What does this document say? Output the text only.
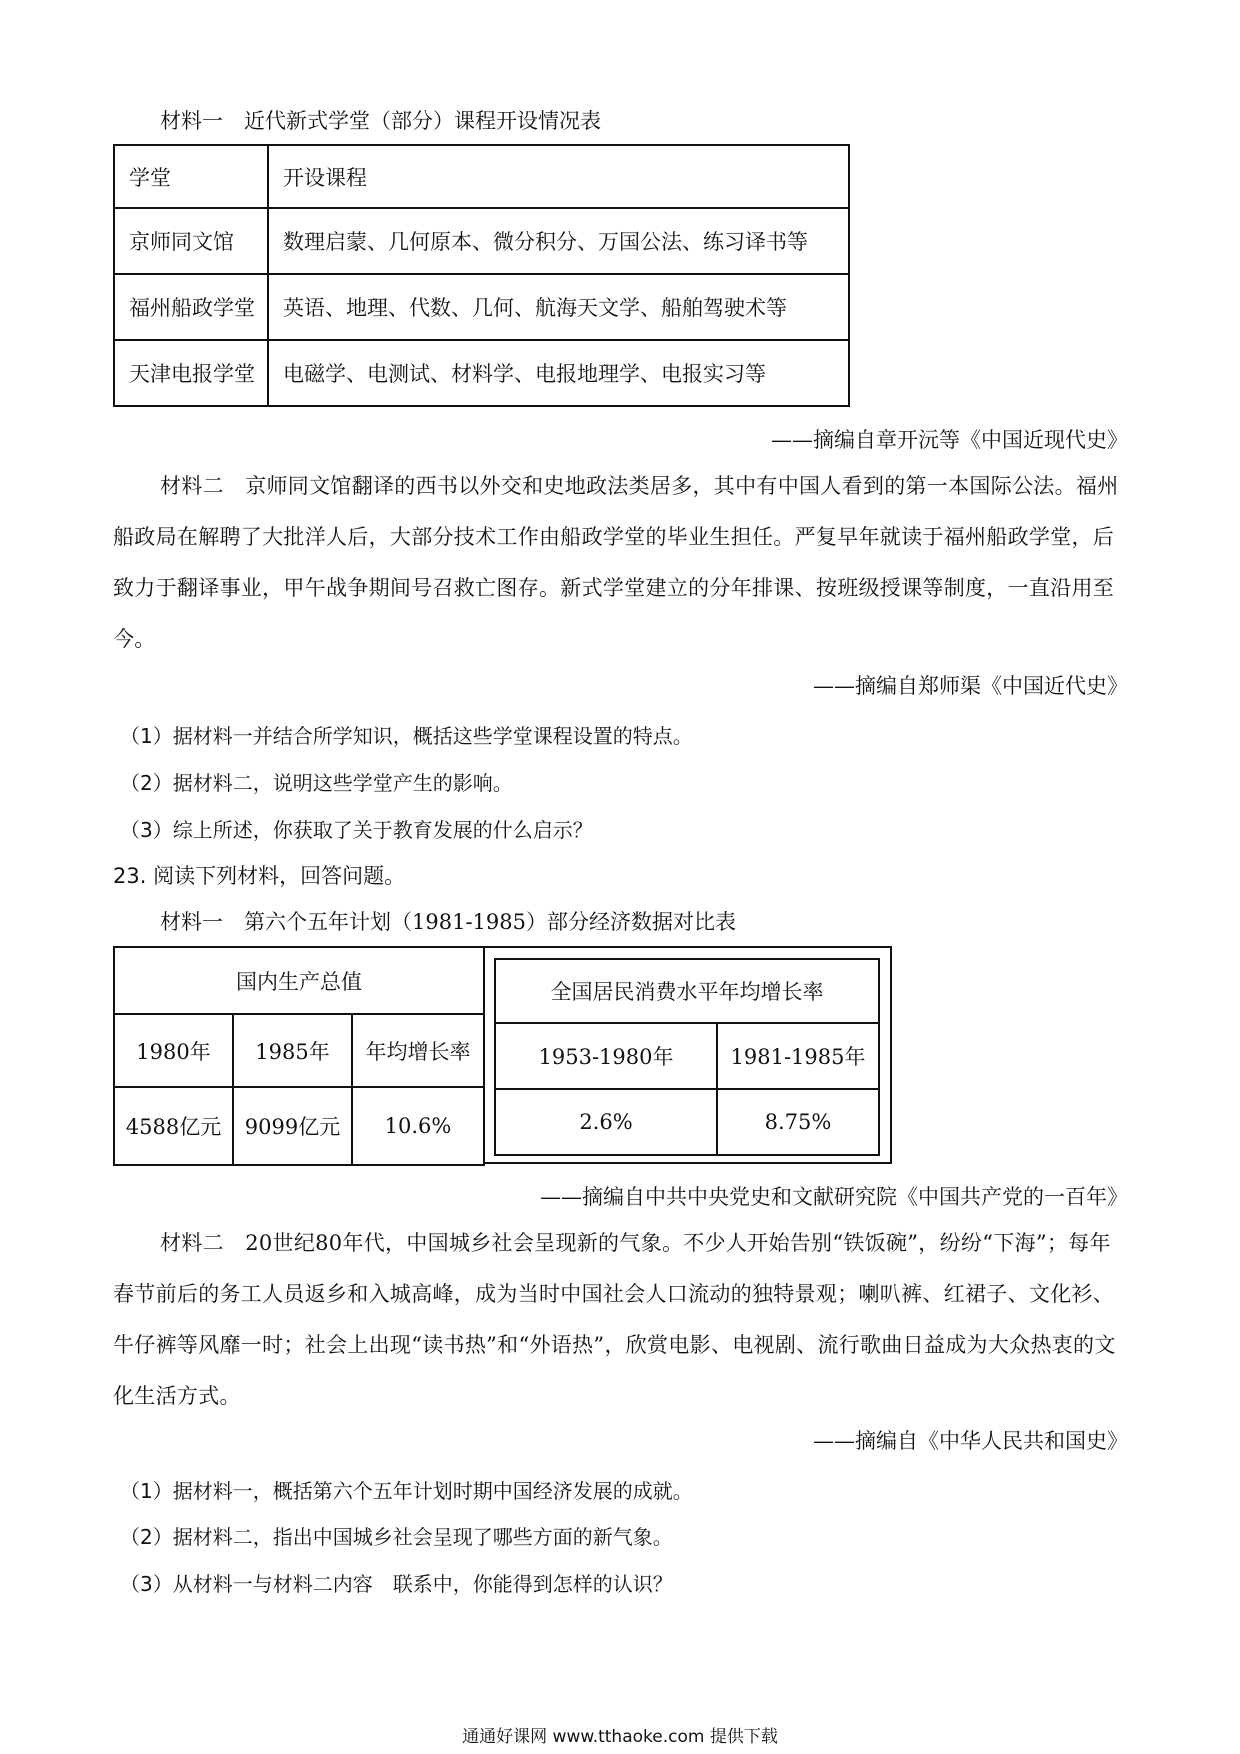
材料一　近代新式学堂（部分）课程开设情况表
学堂	开设课程
京师同文馆	数理启蒙、几何原本、微分积分、万国公法、练习译书等
福州船政学堂	英语、地理、代数、几何、航海天文学、船舶驾驶术等
天津电报学堂	电磁学、电测试、材料学、电报地理学、电报实习等
——摘编自章开沅等《中国近现代史》
材料二　京师同文馆翻译的西书以外交和史地政法类居多，其中有中国人看到的第一本国际公法。福州船政局在解聘了大批洋人后，大部分技术工作由船政学堂的毕业生担任。严复早年就读于福州船政学堂，后致力于翻译事业，甲午战争期间号召救亡图存。新式学堂建立的分年排课、按班级授课等制度，一直沿用至今。
——摘编自郑师渠《中国近代史》
（1）据材料一并结合所学知识，概括这些学堂课程设置的特点。
（2）据材料二，说明这些学堂产生的影响。
（3）综上所述，你获取了关于教育发展的什么启示？
23. 阅读下列材料，回答问题。
材料一　第六个五年计划（1981-1985）部分经济数据对比表
国内生产总值		
1980年	1985年	年均增长率
4588亿元	9099亿元	10.6%
全国居民消费水平年均增长率	
1953-1980年	1981-1985年
2.6%	8.75%
——摘编自中共中央党史和文献研究院《中国共产党的一百年》
材料二　20世纪80年代，中国城乡社会呈现新的气象。不少人开始告别“铁饭碗”，纷纷“下海”；每年春节前后的务工人员返乡和入城高峰，成为当时中国社会人口流动的独特景观；喇叭裤、红裙子、文化衫、牛仔裤等风靡一时；社会上出现“读书热”和“外语热”，欣赏电影、电视剧、流行歌曲日益成为大众热衷的文化生活方式。
——摘编自《中华人民共和国史》
（1）据材料一，概括第六个五年计划时期中国经济发展的成就。
（2）据材料二，指出中国城乡社会呈现了哪些方面的新气象。
（3）从材料一与材料二内容　联系中，你能得到怎样的认识？
通通好课网 www.tthaoke.com 提供下载
